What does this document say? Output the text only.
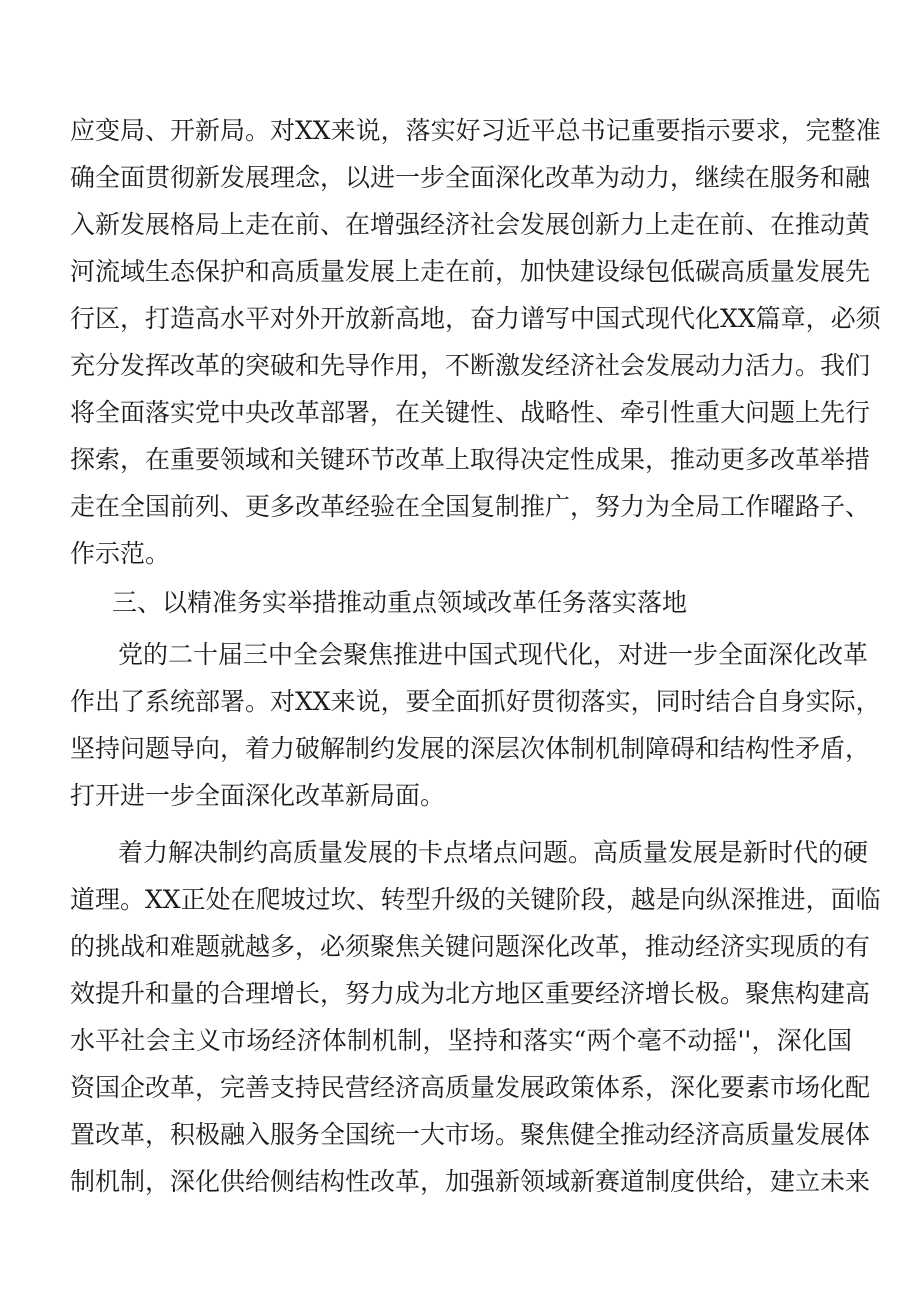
应变局、开新局。对XX来说，落实好习近平总书记重要指示要求，完整准
确全面贯彻新发展理念，以进一步全面深化改革为动力，继续在服务和融
入新发展格局上走在前、在增强经济社会发展创新力上走在前、在推动黄
河流域生态保护和高质量发展上走在前，加快建设绿包低碳高质量发展先
行区，打造高水平对外开放新高地，奋力谱写中国式现代化XX篇章，必须
充分发挥改革的突破和先导作用，不断激发经济社会发展动力活力。我们
将全面落实党中央改革部署，在关键性、战略性、牵引性重大问题上先行
探索，在重要领域和关键环节改革上取得决定性成果，推动更多改革举措
走在全国前列、更多改革经验在全国复制推广，努力为全局工作曜路子、
作示范。
三、以精准务实举措推动重点领域改革任务落实落地
党的二十届三中全会聚焦推进中国式现代化，对进一步全面深化改革
作出了系统部署。对XX来说，要全面抓好贯彻落实，同时结合自身实际，
坚持问题导向，着力破解制约发展的深层次体制机制障碍和结构性矛盾，
打开进一步全面深化改革新局面。
着力解决制约高质量发展的卡点堵点问题。高质量发展是新时代的硬
道理。XX正处在爬坡过坎、转型升级的关键阶段，越是向纵深推进，面临
的挑战和难题就越多，必须聚焦关键问题深化改革，推动经济实现质的有
效提升和量的合理增长，努力成为北方地区重要经济增长极。聚焦构建高
水平社会主义市场经济体制机制，坚持和落实“两个毫不动摇''，深化国
资国企改革，完善支持民营经济高质量发展政策体系，深化要素市场化配
置改革，积极融入服务全国统一大市场。聚焦健全推动经济高质量发展体
制机制，深化供给侧结构性改革，加强新领域新赛道制度供给，建立未来
